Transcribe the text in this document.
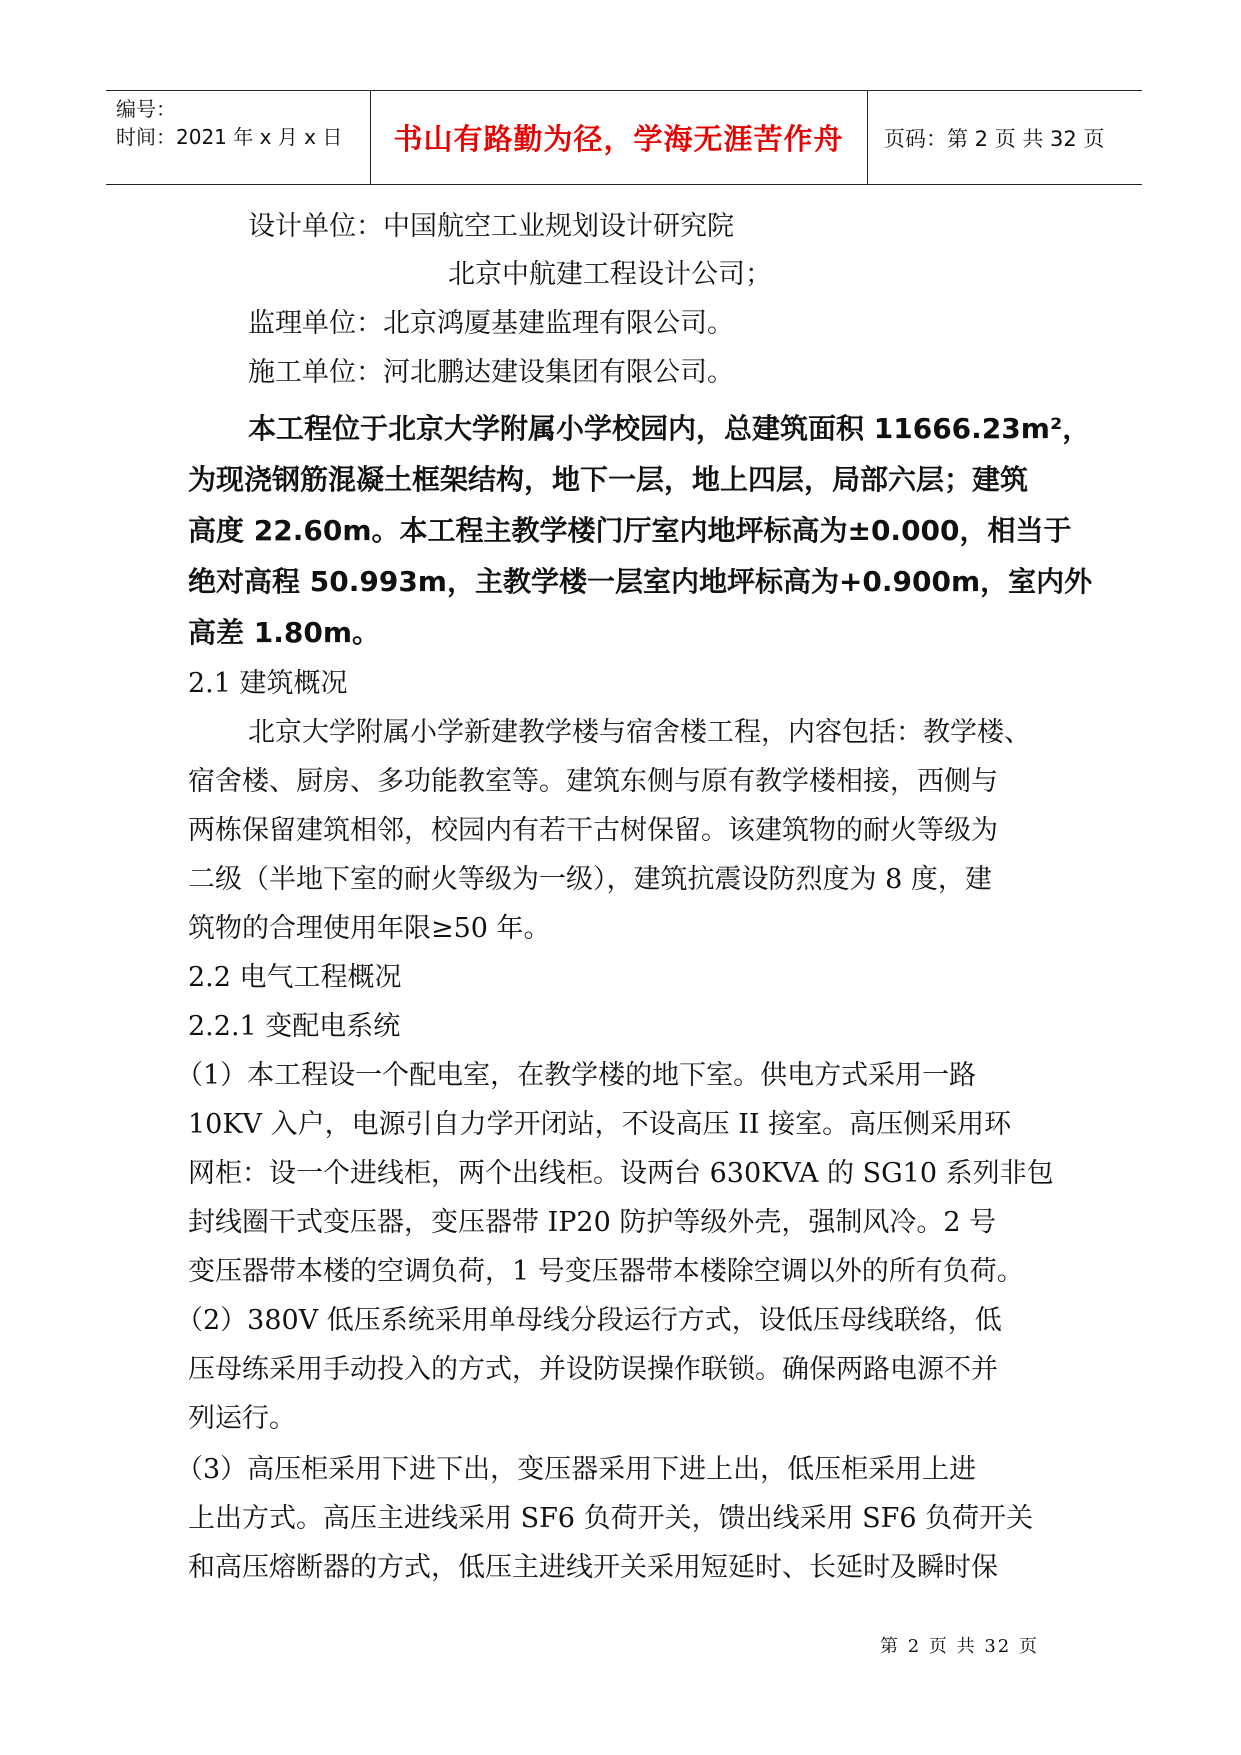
编号：
时间：2021 年 x 月 x 日	书山有路勤为径，学海无涯苦作舟	页码：第 2 页 共 32 页
设计单位：中国航空工业规划设计研究院
北京中航建工程设计公司；
监理单位：北京鸿厦基建监理有限公司。
施工单位：河北鹏达建设集团有限公司。
本工程位于北京大学附属小学校园内，总建筑面积 11666.23m²，
为现浇钢筋混凝土框架结构，地下一层，地上四层，局部六层；建筑
高度 22.60m。本工程主教学楼门厅室内地坪标高为±0.000，相当于
绝对高程 50.993m，主教学楼一层室内地坪标高为+0.900m，室内外
高差 1.80m。
2.1 建筑概况
北京大学附属小学新建教学楼与宿舍楼工程，内容包括：教学楼、
宿舍楼、厨房、多功能教室等。建筑东侧与原有教学楼相接，西侧与
两栋保留建筑相邻，校园内有若干古树保留。该建筑物的耐火等级为
二级（半地下室的耐火等级为一级），建筑抗震设防烈度为 8 度，建
筑物的合理使用年限≥50 年。
2.2 电气工程概况
2.2.1 变配电系统
（1）本工程设一个配电室，在教学楼的地下室。供电方式采用一路
10KV 入户，电源引自力学开闭站，不设高压 II 接室。高压侧采用环
网柜：设一个进线柜，两个出线柜。设两台 630KVA 的 SG10 系列非包
封线圈干式变压器，变压器带 IP20 防护等级外壳，强制风冷。2 号
变压器带本楼的空调负荷，1 号变压器带本楼除空调以外的所有负荷。
（2）380V 低压系统采用单母线分段运行方式，设低压母线联络，低
压母练采用手动投入的方式，并设防误操作联锁。确保两路电源不并
列运行。
（3）高压柜采用下进下出，变压器采用下进上出，低压柜采用上进
上出方式。高压主进线采用 SF6 负荷开关，馈出线采用 SF6 负荷开关
和高压熔断器的方式，低压主进线开关采用短延时、长延时及瞬时保
第 2 页 共 32 页
